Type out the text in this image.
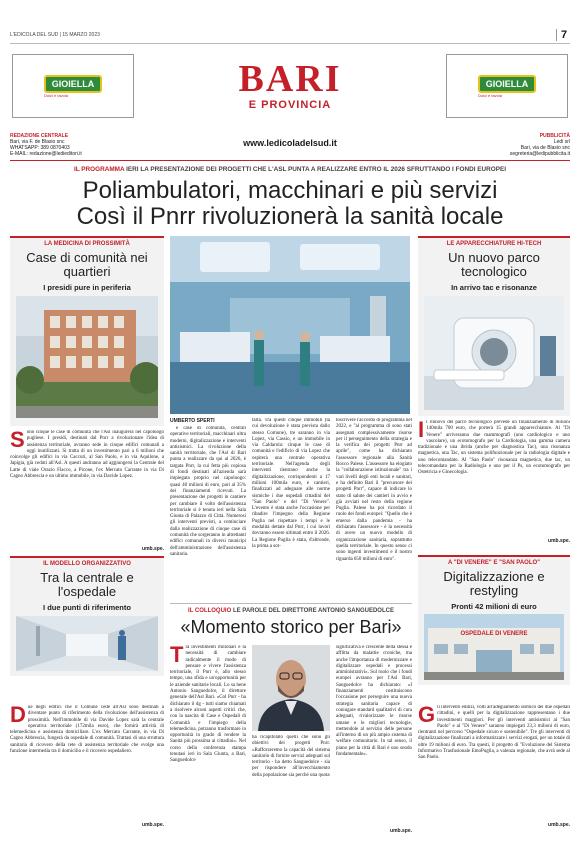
L'EDICOLA DEL SUD | 15 MARZO 2023	7
GIOIELLA
Dolci e tavola
GIOIELLA
Dolci e tavola
BARI
E PROVINCIA
REDAZIONE CENTRALE
Bari, via F. de Blasio snc
WHATSAPP: 389 0870403
E-MAIL: redazione@ledieditori.it
www.ledicoladelsud.it
PUBBLICITÀ
Ledi srl
Bari, via de Blasio snc
segreteria@ledipubblicita.it
IL PROGRAMMA IERI LA PRESENTAZIONE DEI PROGETTI CHE L'ASL PUNTA A REALIZZARE ENTRO IL 2026 SFRUTTANDO I FONDI EUROPEI
Poliambulatori, macchinari e più servizi
Così il Pnrr rivoluzionerà la sanità locale
LA MEDICINA DI PROSSIMITÀ
Case di comunità nei quartieri
I presidi pure in periferia
Sono cinque le case di comunità che l'Asl inaugurerà nel capoluogo pugliese. I presidi, destinati dal Pnrr a rivoluzionare l'idea di assistenza territoriale, avranno sede in cinque edifici comunali a oggi inutilizzati. Si tratta di un investimento pari a 6 milioni che coinvolge gli edifici in via Caccuri, al San Paolo, e in via Aquilone, a Japigia, già ceduti all'Asl. A questi andranno ad aggiungersi la Centrale del Latte di viale Orazio Flacco, a Picone, l'ex Mercato Carrante in via Di Cagno Abbrescia e un ultimo immobile, in via Davide Lopez.
umb.spe.
IL MODELLO ORGANIZZATIVO
Tra la centrale e l'ospedale
I due punti di riferimento
Due degli edifici che il Comune cede all'Asl sono destinati a diventare punto di riferimento della rivoluzione dell'assistenza di prossimità. Nell'immobile di via Davide Lopez sarà la centrale operativa territoriale (172mila euro), che fornirà attività di telemedicina e assistenza domiciliare. L'ex Mercato Carrante, in via Di Cagno Abbrescia, fungerà da ospedale di comunità. Trattasi di una struttura sanitaria di ricovero della rete di assistenza territoriale che svolge una funzione intermedia tra il domicilio e il ricovero ospedaliero.
umb.spe.
UMBERTO SPERTI
e case di comunità, centrali operative territoriali, macchinari ultra moderni, digitalizzazione e interventi antisismici. La rivoluzione della sanità territoriale, che l'Asl di Bari punta a realizzare da qui al 2026, è targata Pnrr, la cui fetta più copiosa di fondi destinati all'azienda sarà impiegata proprio nel capoluogo: quasi 40 milioni di euro, pari al 35% dei finanziamenti ricevuti. La presentazione dei progetti in cantiere per cambiare il volto dell'assistenza territoriale si è tenuta ieri nella Sala Giunta di Palazzo di Città. Numerosi gli interventi previsti, a cominciare dalla realizzazione di cinque case di comunità che sorgeranno in altrettanti edifici comunali in diversi municipi dell'amministrazione dell'assistenza sanitaria.
tarta. Tra questi cinque immobili (la cui devoluzione è stata prevista dallo stesso Comune), tre saranno in via Lopez, via Cassio, e un immobile in via Caldarola: cinque le case di comunità e l'edificio di via Lopez che ospiterà una centrale operativa territoriale. Nell'agenda degli interventi rientrano anche la digitalizzazione, corrispondenti a 17 milioni 100mila euro, e cantieri, finalizzati ad adeguare alle norme sismiche i due ospedali cittadini del "San Paolo" e del "Di Venere". L'evento è stata anche l'occasione per ribadire l'impegno della Regione Puglia nel rispettare i tempi e le modalità dettate dal Pnrr, i cui lavori dovranno essere ultimati entro il 2026. La Regione Puglia è stata, d'altronde, la prima a sot-
toscrivere l'accordo di programma nel 2022, e "al programma di sono stati assegnati complessivamente risorse per il perseguimento della strategia e la verifica dei progetti Pnrr ad aprile", come ha dichiarato l'assessore regionale alla Sanità Rocco Palese. L'assessore ha elogiato la "collaborazione istituzionale" tra i vari livelli degli enti locali e sanitari, e ha definito Bari il "precursore dei progetti Pnrr", capace di indicare lo stato di salute dei cantieri in avvio e già avviati nel resto della regione Puglia. Palese ha poi ricordato il ruolo dei fondi europei: "Quello che è emerso dalla pandemia - ha dichiarato l'assessore - è la necessità di avere un nuovo modello di organizzazione sanitaria, soprattutto quella territoriale. In questo senso ci sono ingenti investimenti e il nostro riguarda 650 milioni di euro".
IL COLLOQUIO LE PAROLE DEL DIRETTORE ANTONIO SANGUEDOLCE
«Momento storico per Bari»
Tra investimenti milionari e la necessità di cambiare radicalmente il modo di pensare e vivere l'assistenza territoriale, il Pnrr è, allo stesso tempo, una sfida e un'opportunità per le aziende sanitarie locali. Lo sa bene Antonio Sanguedolce, il direttore generale dell'Asl Bari. «Col Pnrr - ha dichiarato il dg - tutti siamo chiamati a risolvere alcuni aspetti critici che, con la nascita di Case e Ospedali di Comunità e l'impiego della telemedicina, potranno trasformare in opportunità in grado di rendere la Sanità più prossima ai cittadini». Nel corso della conferenza stampa tenutasi ieri in Sala Giunta, a Bari, Sanguedolce
ha ricapitolato quelli che sono gli obiettivi dei progetti Pnrr. «Rafforzeremo la capacità del sistema sanitario di fornire servizi adeguati sul territorio - ha detto Sanguedolce - sia per rispondere all'invecchiamento della popolazione sia perché una quota
significativa e crescente della stessa è afflitta da malattie croniche, ma anche l'importanza di modernizzare e digitalizzare ospedali e processi amministrativi». Sul ruolo che i fondi europei avranno per l'Asl Bari, Sanguedolce ha dichiarato: «I finanziamenti costituiscono l'occasione per perseguire una nuova strategia sanitaria capace di coniugare standard qualitativi di cura adeguati, rivalorizzare le risorse umane e le migliori tecnologie, mettendole al servizio delle persone all'interno di un più ampio sistema di welfare comunitario. In tal senso, il piano per la città di Bari è uno snodo fondamentale».
umb.spe.
LE APPARECCHIATURE HI-TECH
Un nuovo parco tecnologico
In arrivo tac e risonanze
Il rinnovo del parco tecnologico prevede un finanziamento di milioni 140mila 700 euro, che porterà 15 grandi apparecchiature. Al "Di Venere" arriveranno due mammografi (uno cardiologico e uno vascolare), un ecotomografo per la Cardiologia, una gamma camera tradizionale e una ibrida (anche per diagnostica Tac), una risonanza magnetica, una Tac, un sistema polifunzionale per la radiologia digitale e uno telecomandato. Al "San Paolo" risonanza magnetica, due tac, un telecomandato per la Radiologia e uno per il Ps, un ecotomografo per Ostetricia e Ginecologia.
umb.spe.
A "DI VENERE" E "SAN PAOLO"
Digitalizzazione e restyling
Pronti 42 milioni di euro
OSPEDALE DI VENERE
Gli interventi edilizi, volti all'adeguamento sismico dei due ospedali cittadini, e quelli per la digitalizzazione rappresentano i due investimenti maggiori. Per gli interventi antisismici al "San Paolo" e al "Di Venere" saranno impiegati 23,3 milioni di euro, rientranti nel percorso "Ospedale sicuro e sostenibile". Tre gli interventi di digitalizzazione finalizzati a informatizzare i servizi erogati, per un totale di oltre 19 milioni di euro. Tra questi, il progetto di "Evoluzione del Sistema Informativo Trasfusionale EmoPuglia, a valenza regionale, che avrà sede al San Paolo.
umb.spe.
